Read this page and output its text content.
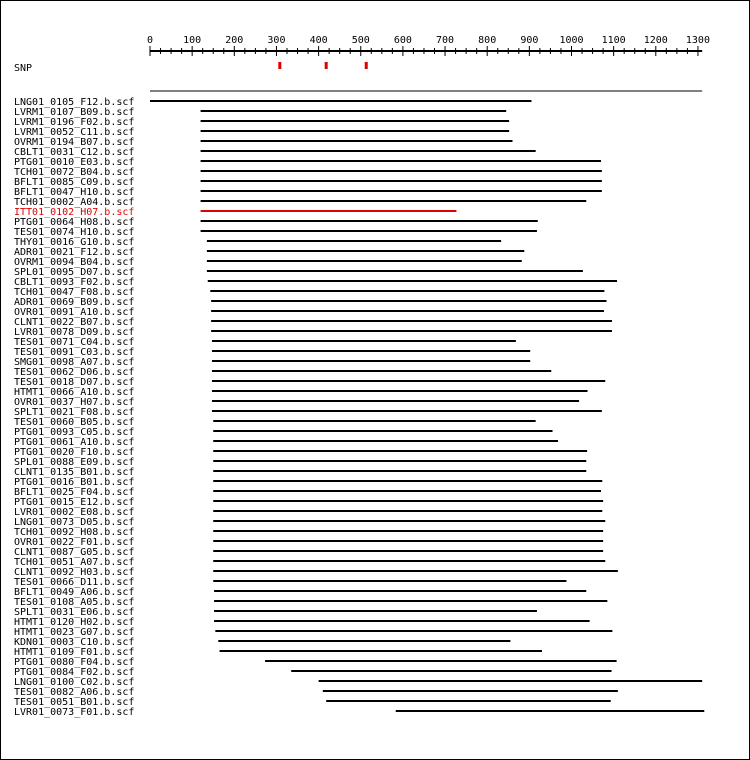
0	100 200 300 400 500 600 700 800 900 1000 1100 1200 1300
SNP
LNG01_0105_F12.b.scf
LVRM1_0107_B09.b.scf
LVRM1_0196_F02.b.scf
LVRM1_0052_C11.b.scf
OVRM1_0194_B07.b.scf
CBLT1_0031_C12.b.scf
PTG01_0010_E03.b.scf
TCH01_0072_B04.b.scf
BFLT1_0085_C09.b.scf
BFLT1_0047_H10.b.scf
TCH01_0002_A04.b.scf
ITT01_0102_H07.b.scf
PTG01_0064_H08.b.scf
TES01_0074_H10.b.scf
THY01_0016_G10.b.scf
ADR01_0021_F12.b.scf
OVRM1_0094_B04.b.scf
SPL01_0095_D07.b.scf
CBLT1_0093_F02.b.scf
TCH01_0047_F08.b.scf
ADR01_0069_B09.b.scf
OVR01_0091_A10.b.scf
CLNT1_0022_B07.b.scf
LVR01_0078_D09.b.scf
TES01_0071_C04.b.scf
TES01_0091_C03.b.scf
SMG01_0098_A07.b.scf
TES01_0062_D06.b.scf
TES01_0018_D07.b.scf
HTMT1_0066_A10.b.scf
OVR01_0037_H07.b.scf
SPLT1_0021_F08.b.scf
TES01_0060_B05.b.scf
PTG01_0093_C05.b.scf
PTG01_0061_A10.b.scf
PTG01_0020_F10.b.scf
SPL01_0088_E09.b.scf
CLNT1_0135_B01.b.scf
PTG01_0016_B01.b.scf
BFLT1_0025_F04.b.scf
PTG01_0015_E12.b.scf
LVR01_0002_E08.b.scf
LNG01_0073_D05.b.scf
TCH01_0092_H08.b.scf
OVR01_0022_F01.b.scf
CLNT1_0087_G05.b.scf
TCH01_0051_A07.b.scf
CLNT1_0092_H03.b.scf
TES01_0066_D11.b.scf
BFLT1_0049_A06.b.scf
TES01_0108_A05.b.scf
SPLT1_0031_E06.b.scf
HTMT1_0120_H02.b.scf
HTMT1_0023_G07.b.scf
KDN01_0003_C10.b.scf
HTMT1_0109_F01.b.scf
PTG01_0080_F04.b.scf
PTG01_0084_F02.b.scf
LNG01_0100_C02.b.scf
TES01_0082_A06.b.scf
TES01_0051_B01.b.scf
LVR01_0073_F01.b.scf
